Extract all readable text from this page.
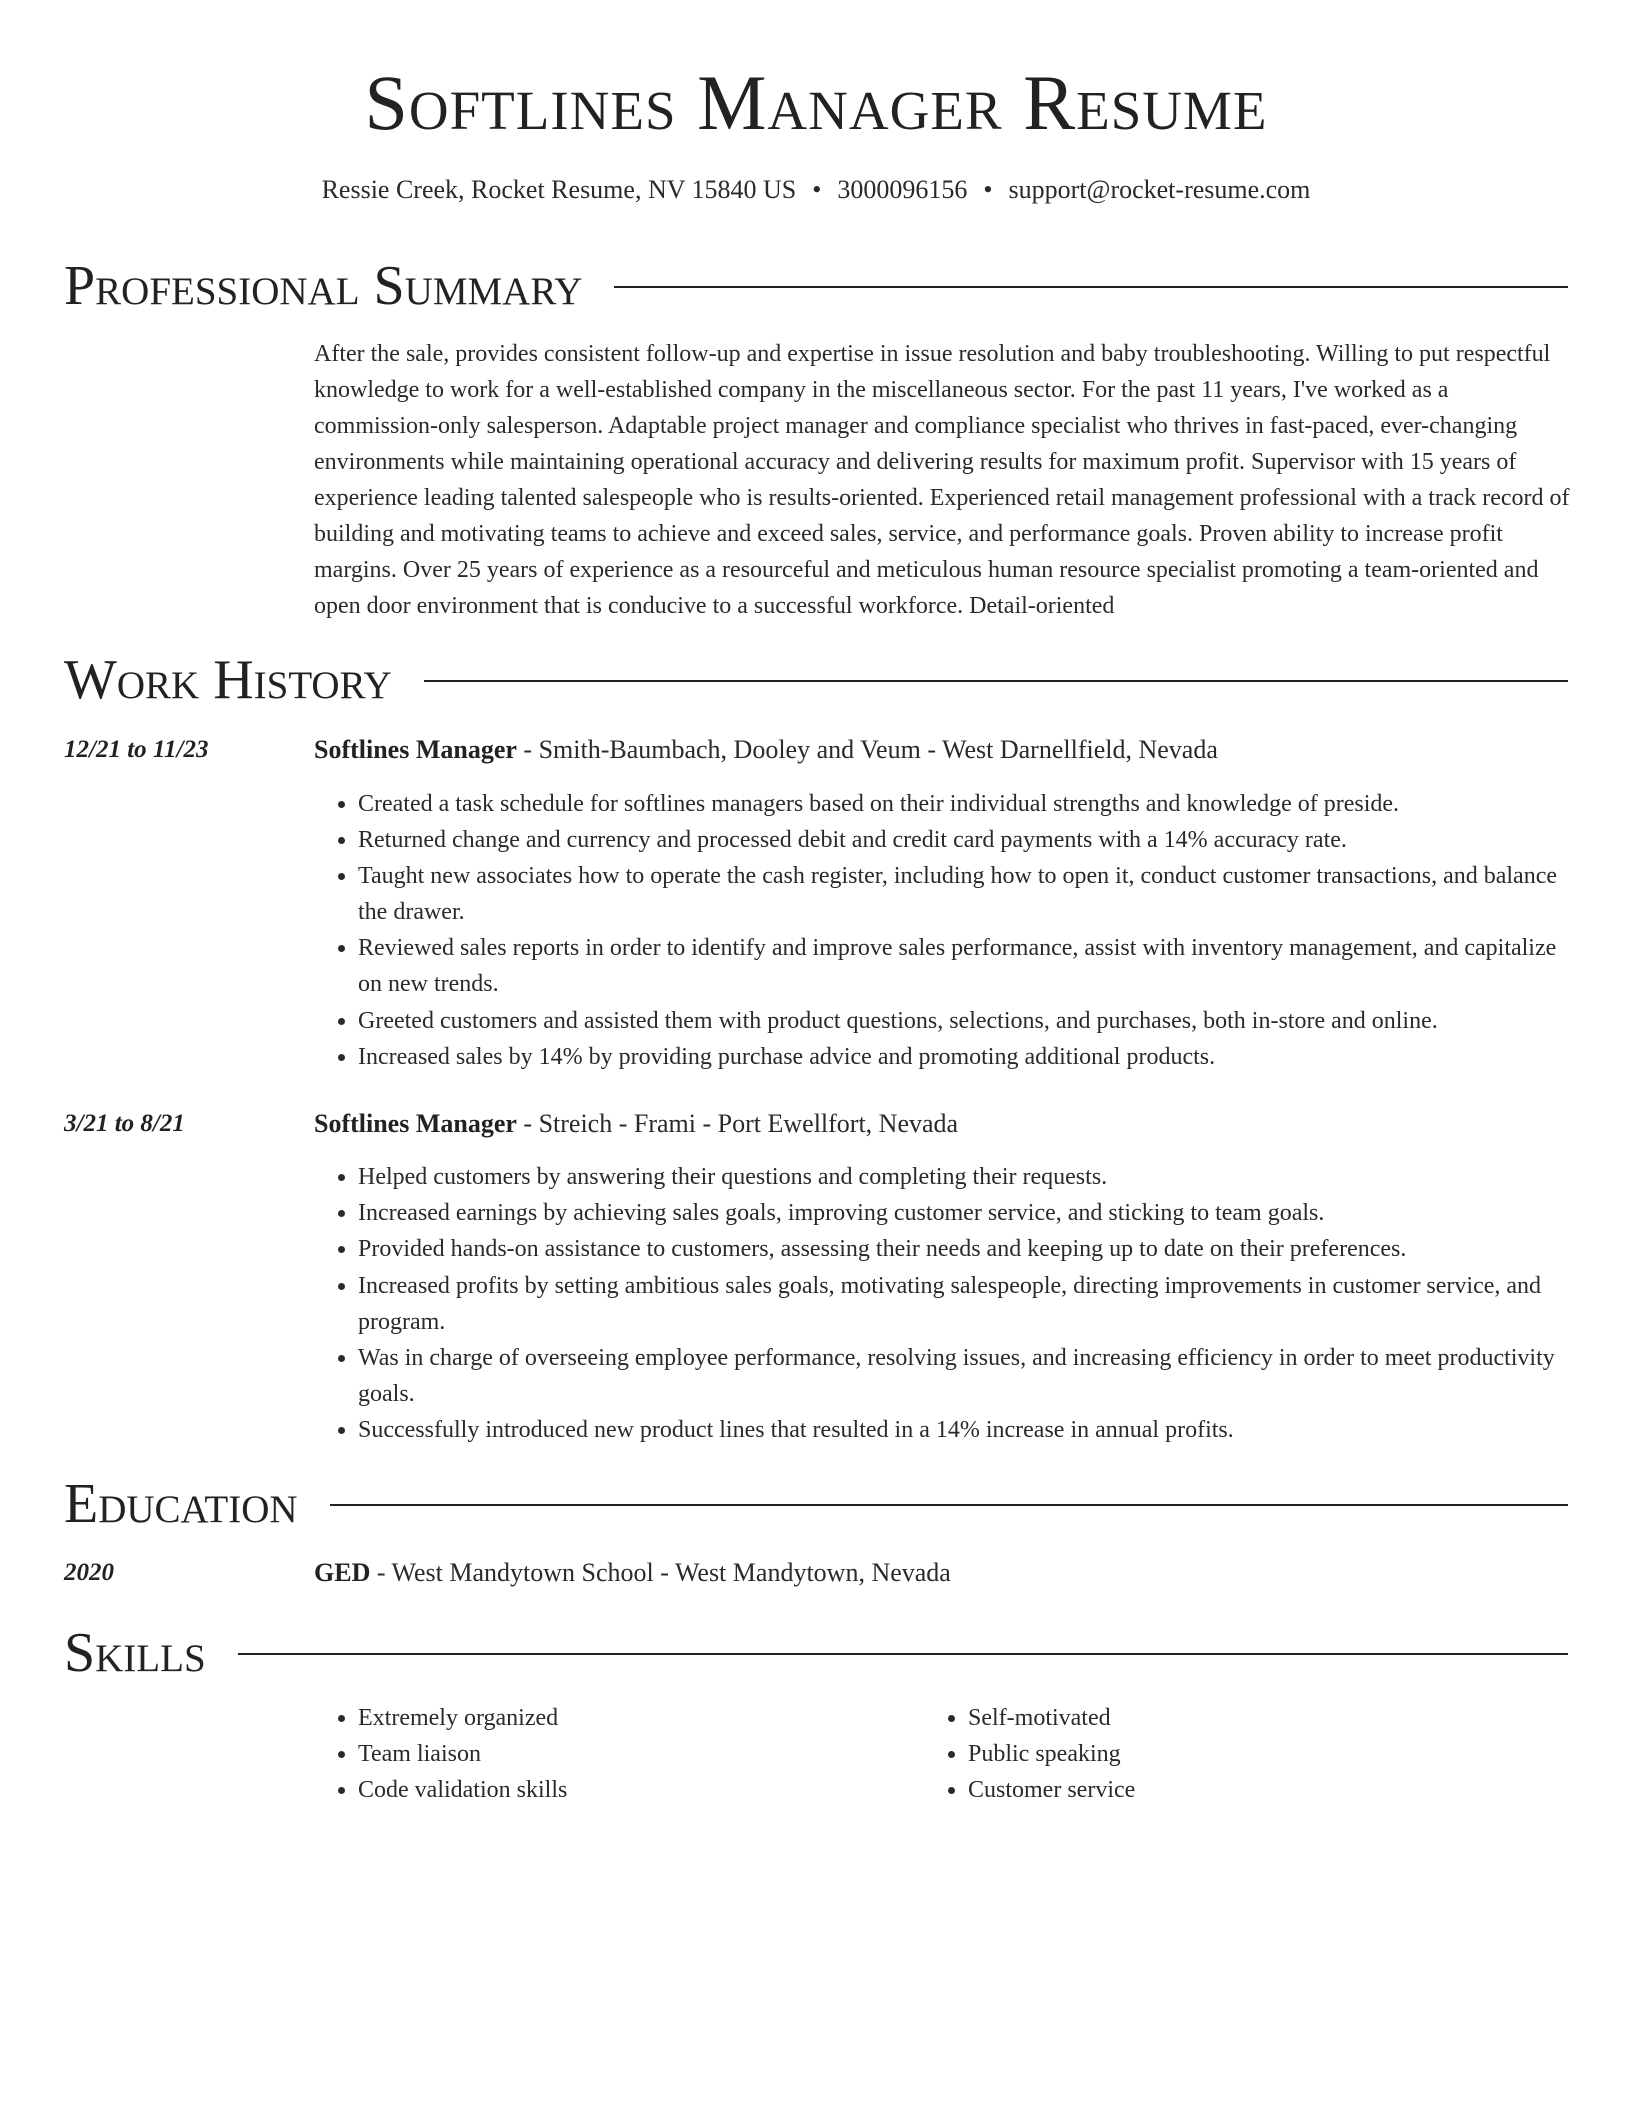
Softlines Manager Resume
Ressie Creek, Rocket Resume, NV 15840 US • 3000096156 • support@rocket-resume.com
Professional Summary

After the sale, provides consistent follow-up and expertise in issue resolution and baby troubleshooting. Willing to put respectful knowledge to work for a well-established company in the miscellaneous sector. For the past 11 years, I've worked as a commission-only salesperson. Adaptable project manager and compliance specialist who thrives in fast-paced, ever-changing environments while maintaining operational accuracy and delivering results for maximum profit. Supervisor with 15 years of experience leading talented salespeople who is results-oriented. Experienced retail management professional with a track record of building and motivating teams to achieve and exceed sales, service, and performance goals. Proven ability to increase profit margins. Over 25 years of experience as a resourceful and meticulous human resource specialist promoting a team-oriented and open door environment that is conducive to a successful workforce. Detail-oriented

Work History
12/21 to 11/23	Softlines Manager - Smith-Baumbach, Dooley and Veum - West Darnellfield, Nevada
• Created a task schedule for softlines managers based on their individual strengths and knowledge of preside.
• Returned change and currency and processed debit and credit card payments with a 14% accuracy rate.
• Taught new associates how to operate the cash register, including how to open it, conduct customer transactions, and balance the drawer.
• Reviewed sales reports in order to identify and improve sales performance, assist with inventory management, and capitalize on new trends.
• Greeted customers and assisted them with product questions, selections, and purchases, both in-store and online.
• Increased sales by 14% by providing purchase advice and promoting additional products.
3/21 to 8/21	Softlines Manager - Streich - Frami - Port Ewellfort, Nevada
• Helped customers by answering their questions and completing their requests.
• Increased earnings by achieving sales goals, improving customer service, and sticking to team goals.
• Provided hands-on assistance to customers, assessing their needs and keeping up to date on their preferences.
• Increased profits by setting ambitious sales goals, motivating salespeople, directing improvements in customer service, and program.
• Was in charge of overseeing employee performance, resolving issues, and increasing efficiency in order to meet productivity goals.
• Successfully introduced new product lines that resulted in a 14% increase in annual profits.
Education
2020	GED - West Mandytown School - West Mandytown, Nevada
Skills
• Extremely organized
• Team liaison
• Code validation skills
• Self-motivated
• Public speaking
• Customer service
